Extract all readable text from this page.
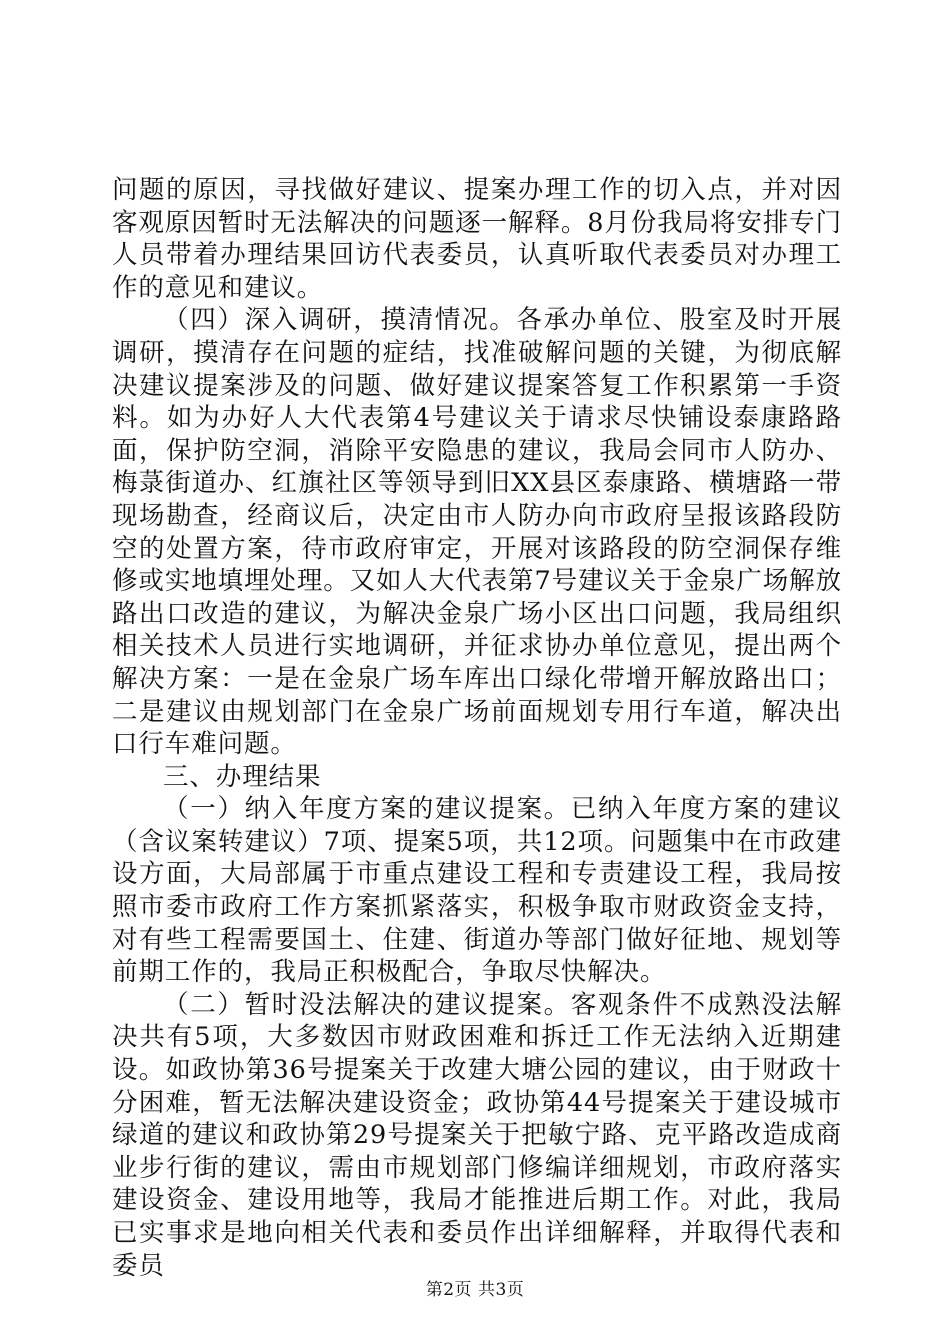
问题的原因，寻找做好建议、提案办理工作的切入点，并对因客观原因暂时无法解决的问题逐一解释。8月份我局将安排专门人员带着办理结果回访代表委员，认真听取代表委员对办理工作的意见和建议。

（四）深入调研，摸清情况。各承办单位、股室及时开展调研，摸清存在问题的症结，找准破解问题的关键，为彻底解决建议提案涉及的问题、做好建议提案答复工作积累第一手资料。如为办好人大代表第4号建议关于请求尽快铺设泰康路路面，保护防空洞，消除平安隐患的建议，我局会同市人防办、梅菉街道办、红旗社区等领导到旧XX县区泰康路、横塘路一带现场勘查，经商议后，决定由市人防办向市政府呈报该路段防空的处置方案，待市政府审定，开展对该路段的防空洞保存维修或实地填埋处理。又如人大代表第7号建议关于金泉广场解放路出口改造的建议，为解决金泉广场小区出口问题，我局组织相关技术人员进行实地调研，并征求协办单位意见，提出两个解决方案：一是在金泉广场车库出口绿化带增开解放路出口；二是建议由规划部门在金泉广场前面规划专用行车道，解决出口行车难问题。

三、办理结果

（一）纳入年度方案的建议提案。已纳入年度方案的建议（含议案转建议）7项、提案5项，共12项。问题集中在市政建设方面，大局部属于市重点建设工程和专责建设工程，我局按照市委市政府工作方案抓紧落实，积极争取市财政资金支持，对有些工程需要国土、住建、街道办等部门做好征地、规划等前期工作的，我局正积极配合，争取尽快解决。

（二）暂时没法解决的建议提案。客观条件不成熟没法解决共有5项，大多数因市财政困难和拆迁工作无法纳入近期建设。如政协第36号提案关于改建大塘公园的建议，由于财政十分困难，暂无法解决建设资金；政协第44号提案关于建设城市绿道的建议和政协第29号提案关于把敏宁路、克平路改造成商业步行街的建议，需由市规划部门修编详细规划，市政府落实建设资金、建设用地等，我局才能推进后期工作。对此，我局已实事求是地向相关代表和委员作出详细解释，并取得代表和委员

第2页 共3页
